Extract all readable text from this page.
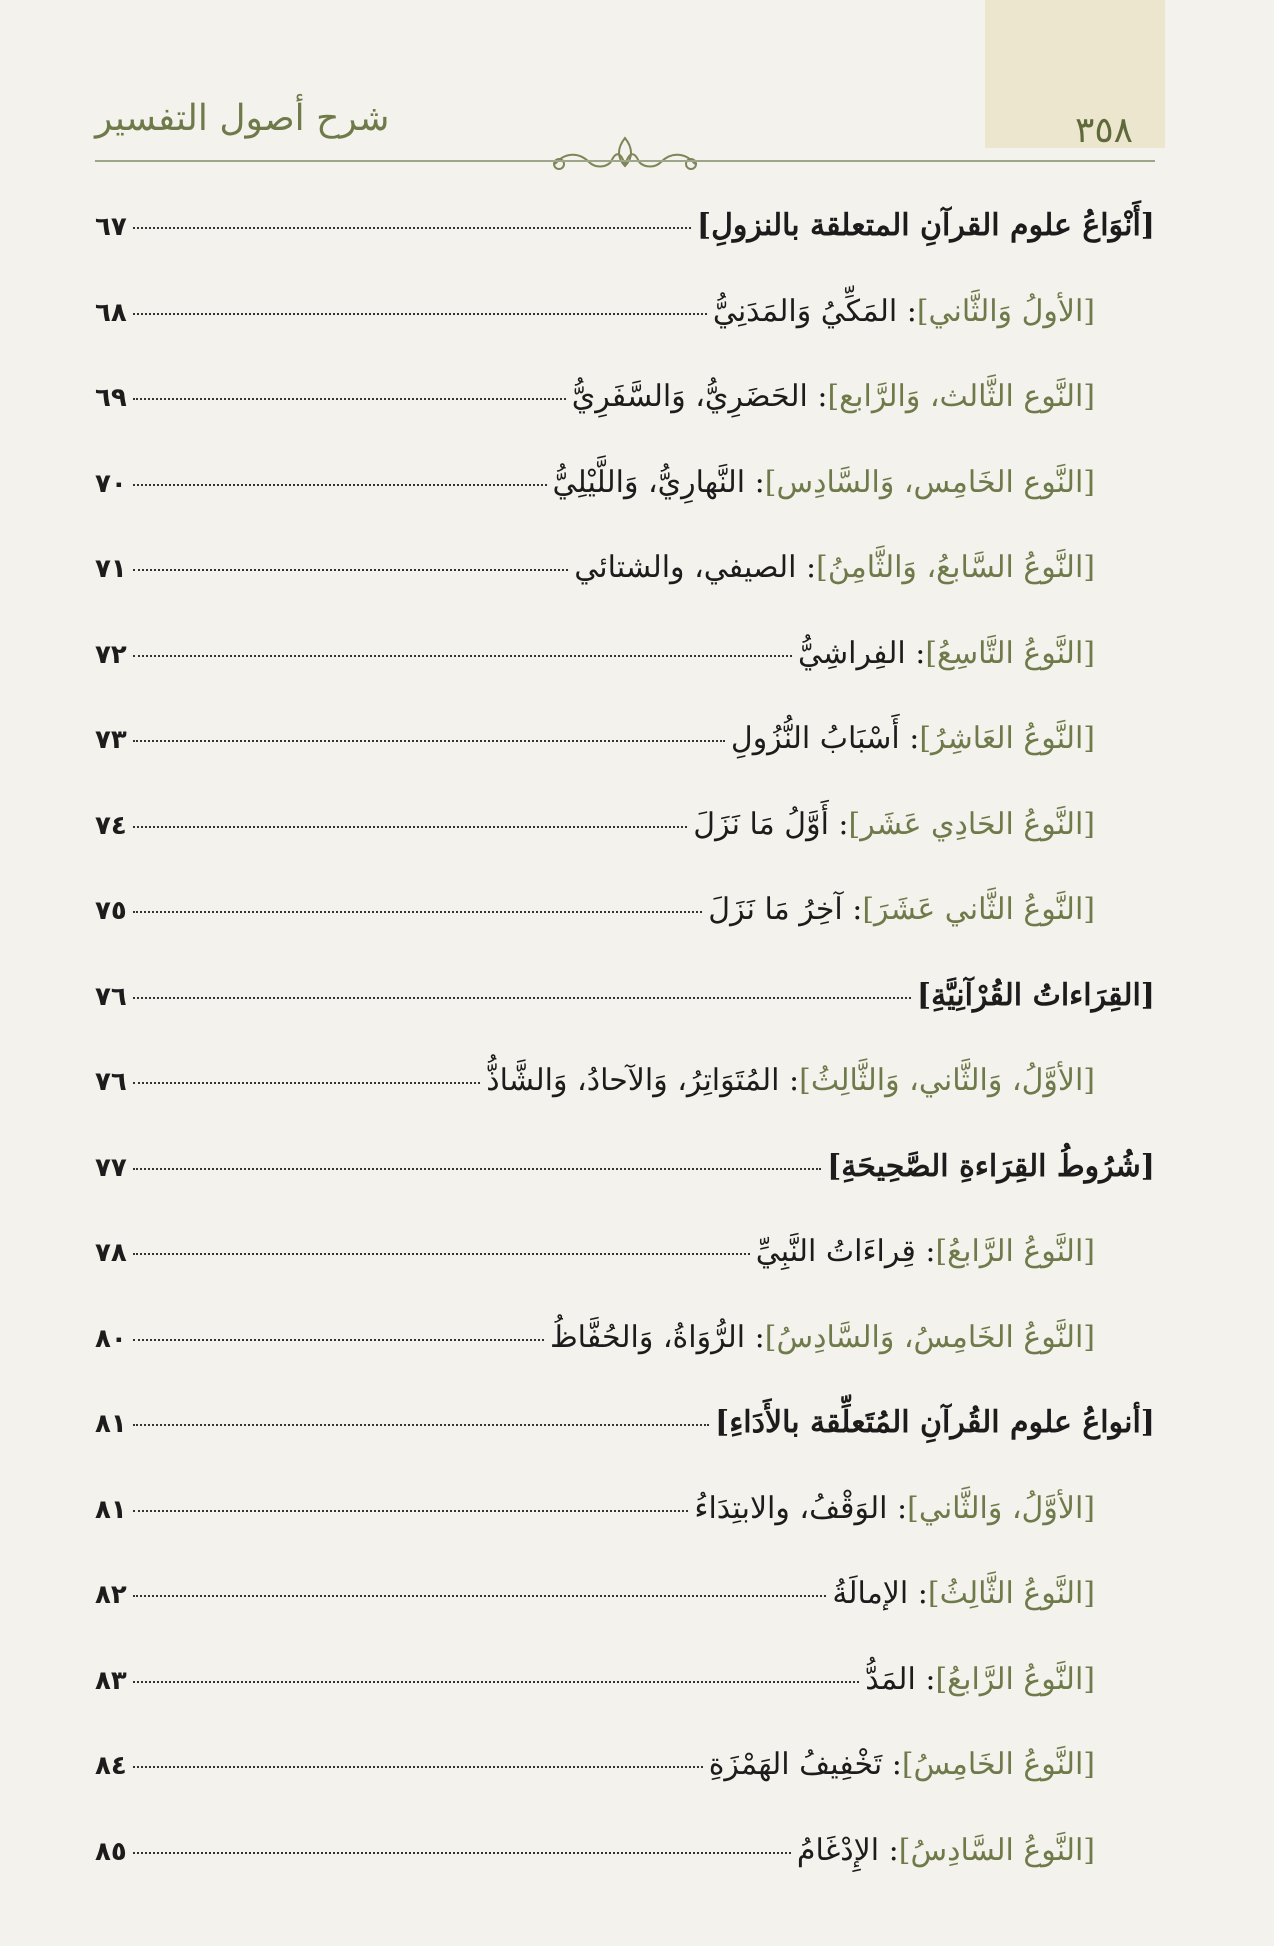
شرح أصول التفسير	٣٥٨
[أَنْوَاعُ علوم القرآنِ المتعلقة بالنزولِ]
٦٧
[الأولُ وَالثَّاني]: المَكِّيُ وَالمَدَنِيُّ
٦٨
[النَّوع الثَّالث، وَالرَّابع]: الحَضَرِيُّ، وَالسَّفَرِيُّ
٦٩
[النَّوع الخَامِس، وَالسَّادِس]: النَّهارِيُّ، وَاللَّيْلِيُّ
٧٠
[النَّوعُ السَّابعُ، وَالثَّامِنُ]: الصيفي، والشتائي
٧١
[النَّوعُ التَّاسِعُ]: الفِراشِيُّ
٧٢
[النَّوعُ العَاشِرُ]: أَسْبَابُ النُّزُولِ
٧٣
[النَّوعُ الحَادِي عَشَر]: أَوَّلُ مَا نَزَلَ
٧٤
[النَّوعُ الثَّاني عَشَرَ]: آخِرُ مَا نَزَلَ
٧٥
[القِرَاءاتُ القُرْآنِيَّةِ]
٧٦
[الأوَّلُ، وَالثَّاني، وَالثَّالِثُ]: المُتَوَاتِرُ، وَالآحادُ، وَالشَّاذُّ
٧٦
[شُرُوطُ القِرَاءةِ الصَّحِيحَةِ]
٧٧
[النَّوعُ الرَّابعُ]: قِراءَاتُ النَّبِيِّ
٧٨
[النَّوعُ الخَامِسُ، وَالسَّادِسُ]: الرُّوَاةُ، وَالحُفَّاظُ
٨٠
[أنواعُ علوم القُرآنِ المُتَعلِّقة بالأَدَاءِ]
٨١
[الأوَّلُ، وَالثَّاني]: الوَقْفُ، والابتِدَاءُ
٨١
[النَّوعُ الثَّالِثُ]: الإمالَةُ
٨٢
[النَّوعُ الرَّابعُ]: المَدُّ
٨٣
[النَّوعُ الخَامِسُ]: تَخْفِيفُ الهَمْزَةِ
٨٤
[النَّوعُ السَّادِسُ]: الإِدْغَامُ
٨٥
